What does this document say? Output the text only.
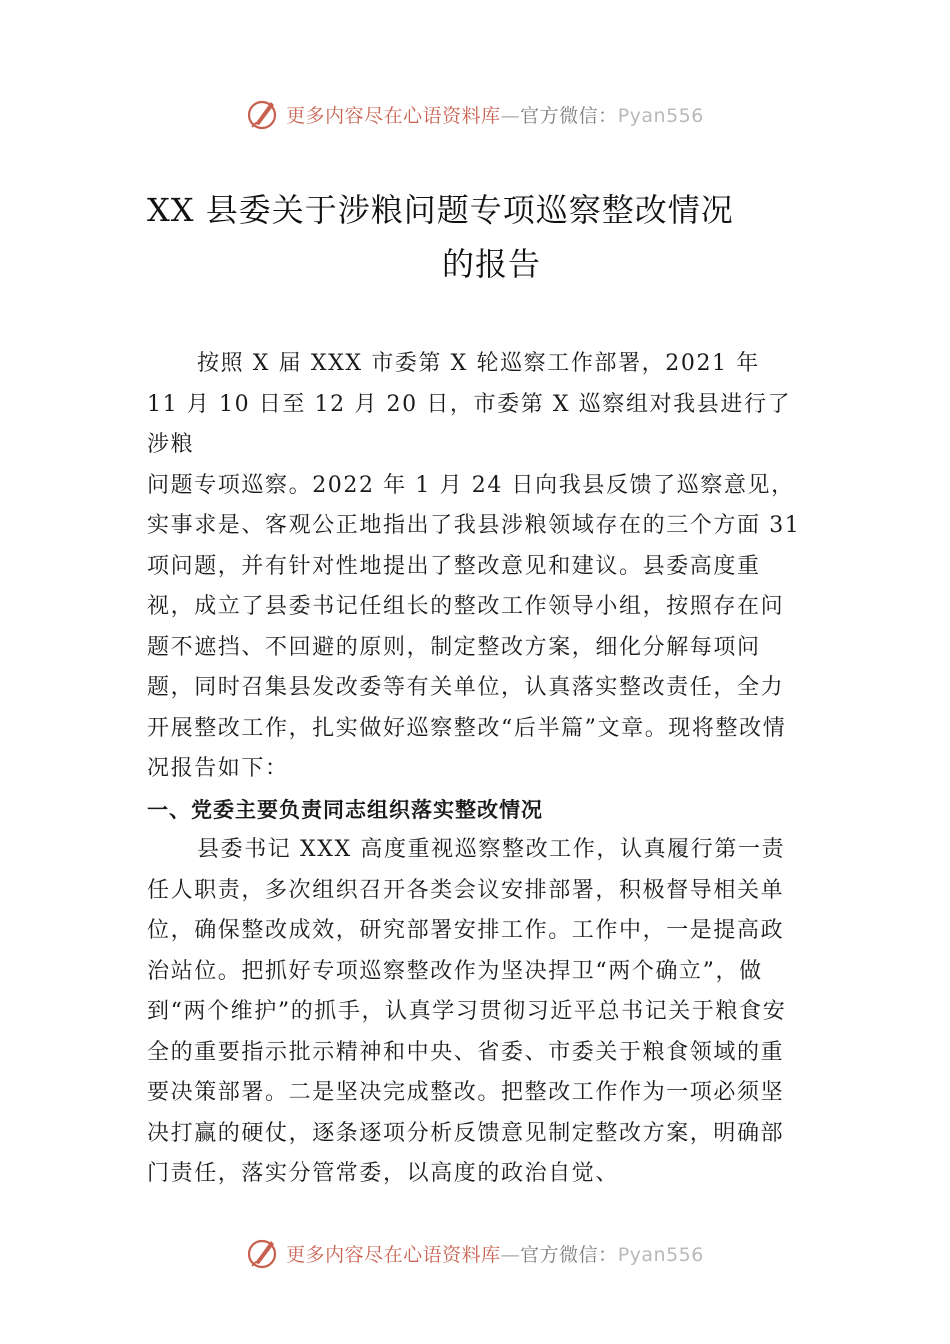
更多内容尽在心语资料库—官方微信：Pyan556
XX 县委关于涉粮问题专项巡察整改情况
的报告

按照 X 届 XXX 市委第 X 轮巡察工作部署，2021 年

11 月 10 日至 12 月 20 日，市委第 X 巡察组对我县进行了

涉粮

问题专项巡察。2022 年 1 月 24 日向我县反馈了巡察意见，实事求是、客观公正地指出了我县涉粮领域存在的三个方面 31 项问题，并有针对性地提出了整改意见和建议。县委高度重视，成立了县委书记任组长的整改工作领导小组，按照存在问题不遮挡、不回避的原则，制定整改方案，细化分解每项问题，同时召集县发改委等有关单位，认真落实整改责任，全力开展整改工作，扎实做好巡察整改“后半篇”文章。现将整改情况报告如下：

一、党委主要负责同志组织落实整改情况

县委书记 XXX 高度重视巡察整改工作，认真履行第一责任人职责，多次组织召开各类会议安排部署，积极督导相关单位，确保整改成效，研究部署安排工作。工作中，一是提高政治站位。把抓好专项巡察整改作为坚决捍卫“两个确立”，做到“两个维护”的抓手，认真学习贯彻习近平总书记关于粮食安全的重要指示批示精神和中央、省委、市委关于粮食领域的重要决策部署。二是坚决完成整改。把整改工作作为一项必须坚决打赢的硬仗，逐条逐项分析反馈意见制定整改方案，明确部门责任，落实分管常委，以高度的政治自觉、

更多内容尽在心语资料库—官方微信：Pyan556
